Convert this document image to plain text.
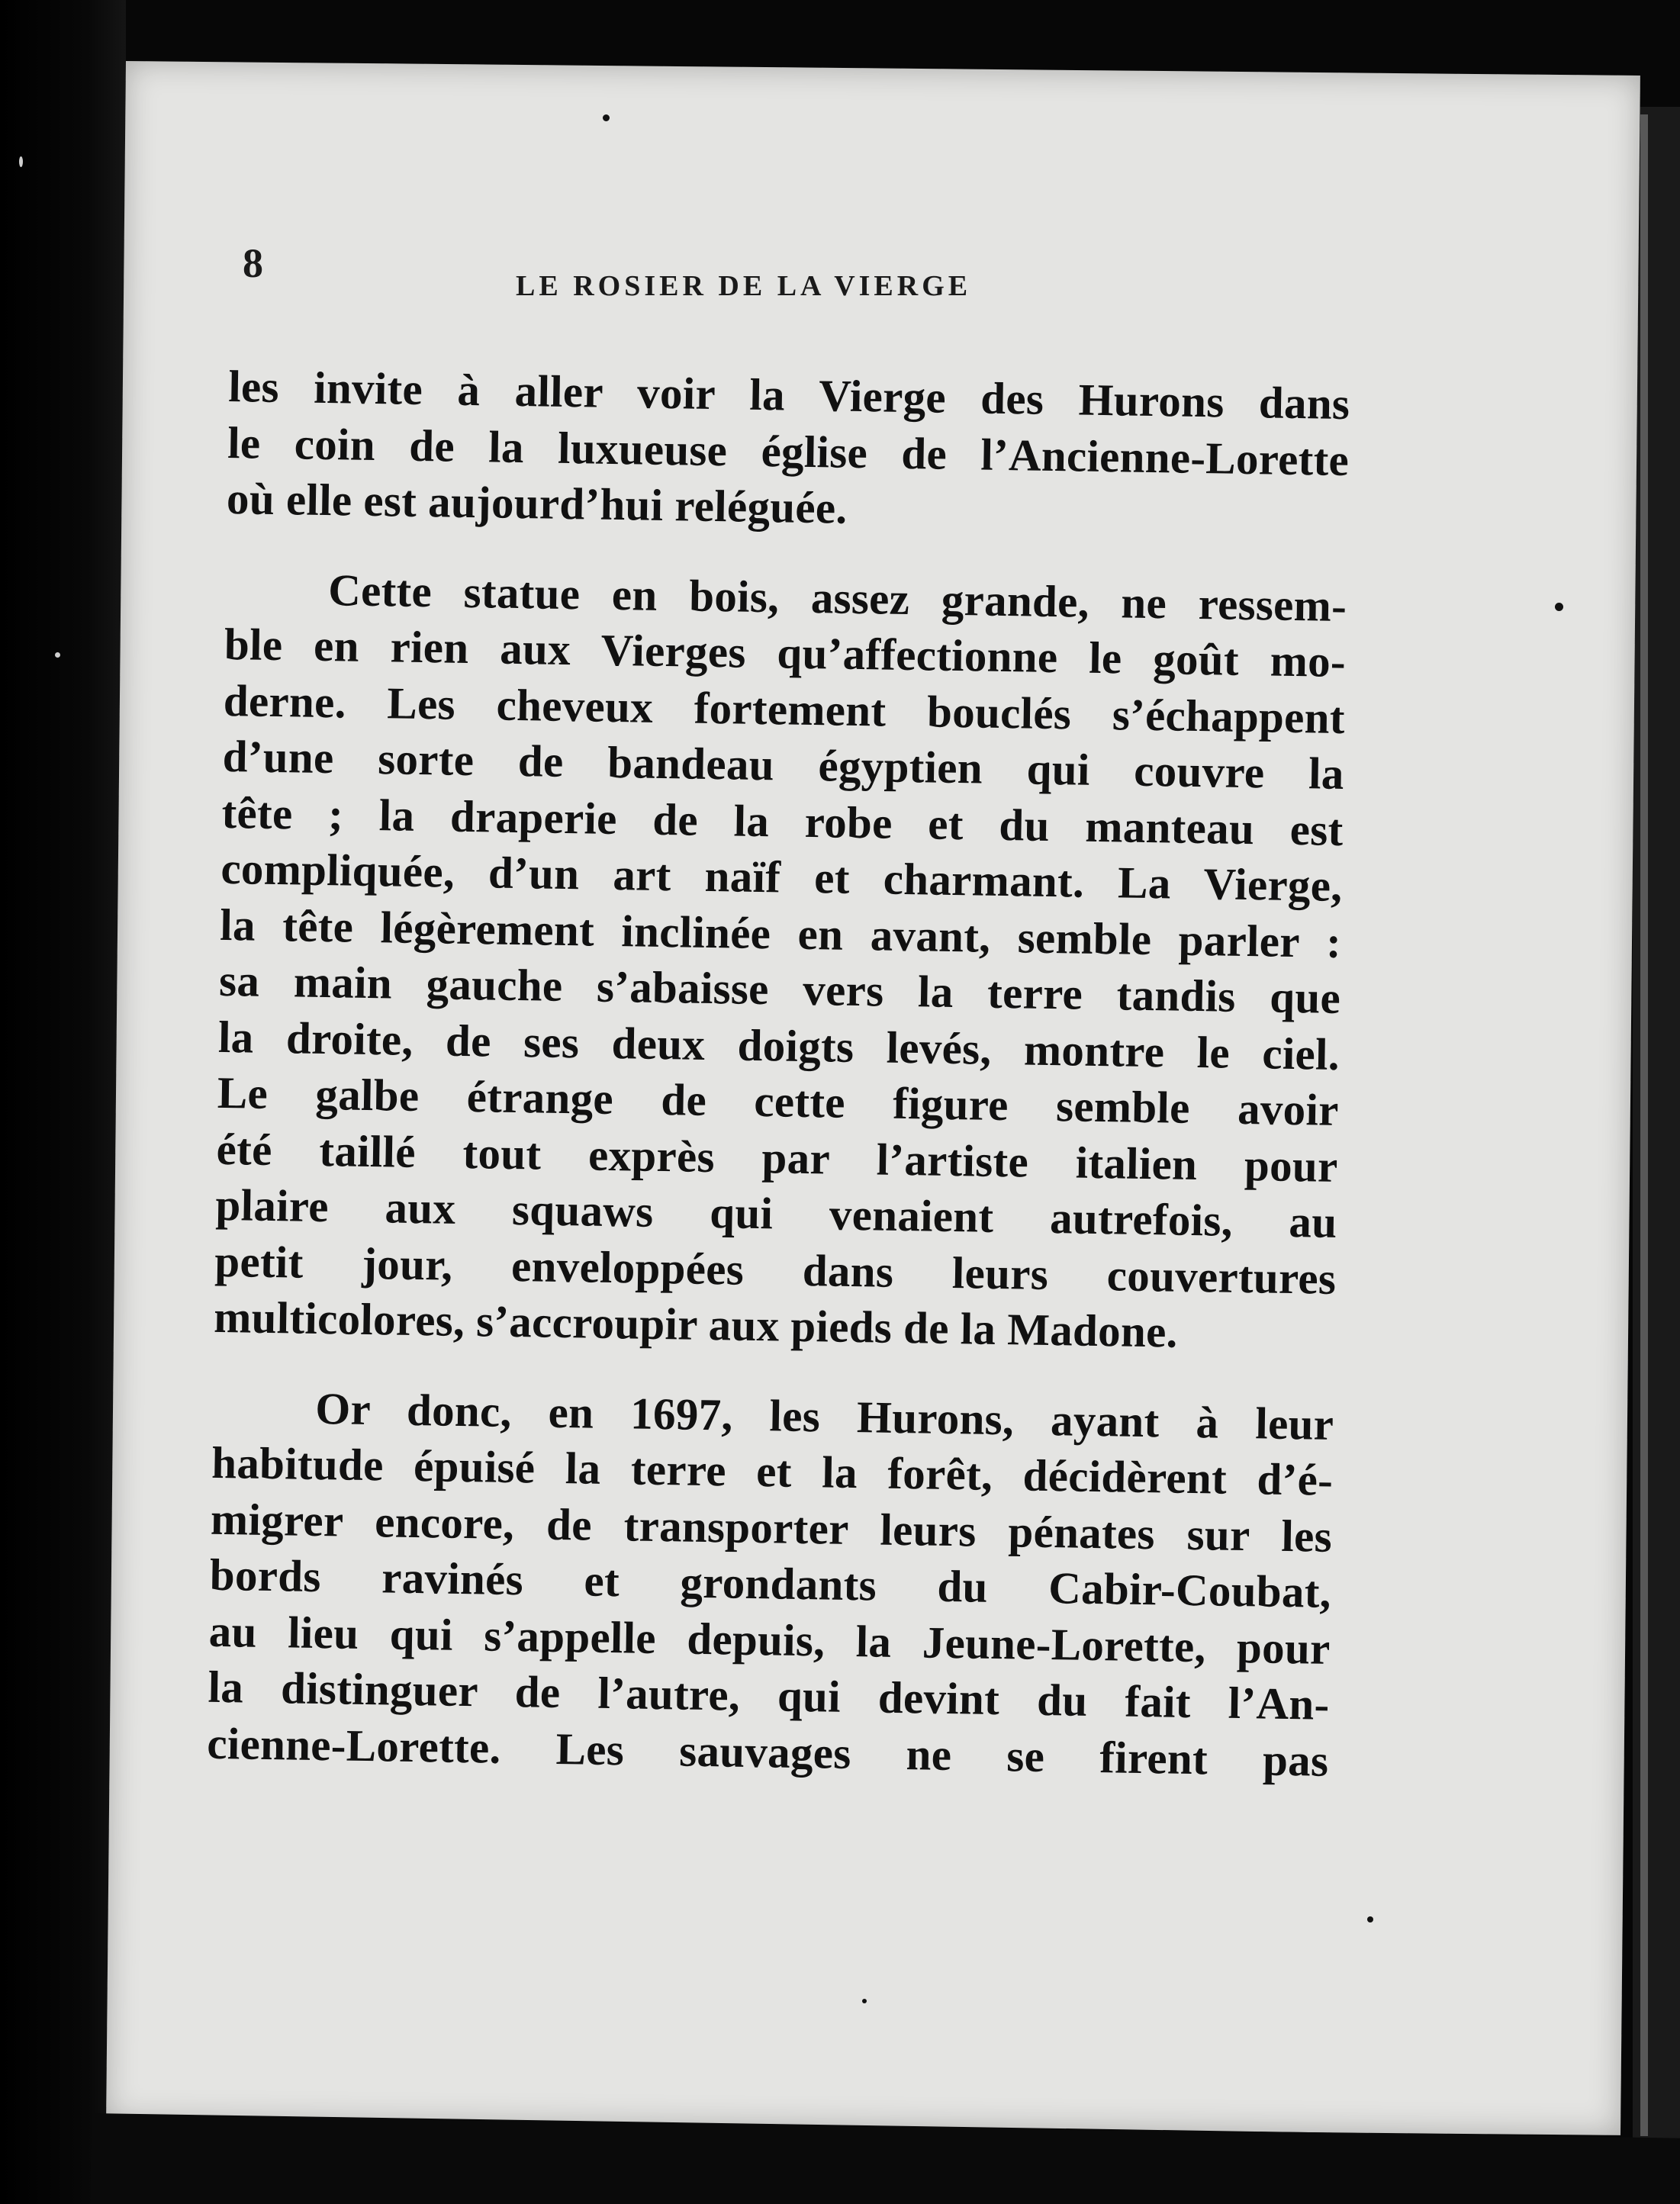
8	LE ROSIER DE LA VIERGE
les invite à aller voir la Vierge des Hurons dans
le coin de la luxueuse église de l’Ancienne-Lorette
où elle est aujourd’hui reléguée.
Cette statue en bois, assez grande, ne ressem-
ble en rien aux Vierges qu’affectionne le goût mo-
derne. Les cheveux fortement bouclés s’échappent
d’une sorte de bandeau égyptien qui couvre la
tête ; la draperie de la robe et du manteau est
compliquée, d’un art naïf et charmant. La Vierge,
la tête légèrement inclinée en avant, semble parler :
sa main gauche s’abaisse vers la terre tandis que
la droite, de ses deux doigts levés, montre le ciel.
Le galbe étrange de cette figure semble avoir
été taillé tout exprès par l’artiste italien pour
plaire aux squaws qui venaient autrefois, au
petit jour, enveloppées dans leurs couvertures
multicolores, s’accroupir aux pieds de la Madone.
Or donc, en 1697, les Hurons, ayant à leur
habitude épuisé la terre et la forêt, décidèrent d’é-
migrer encore, de transporter leurs pénates sur les
bords ravinés et grondants du Cabir-Coubat,
au lieu qui s’appelle depuis, la Jeune-Lorette, pour
la distinguer de l’autre, qui devint du fait l’An-
cienne-Lorette. Les sauvages ne se firent pas
